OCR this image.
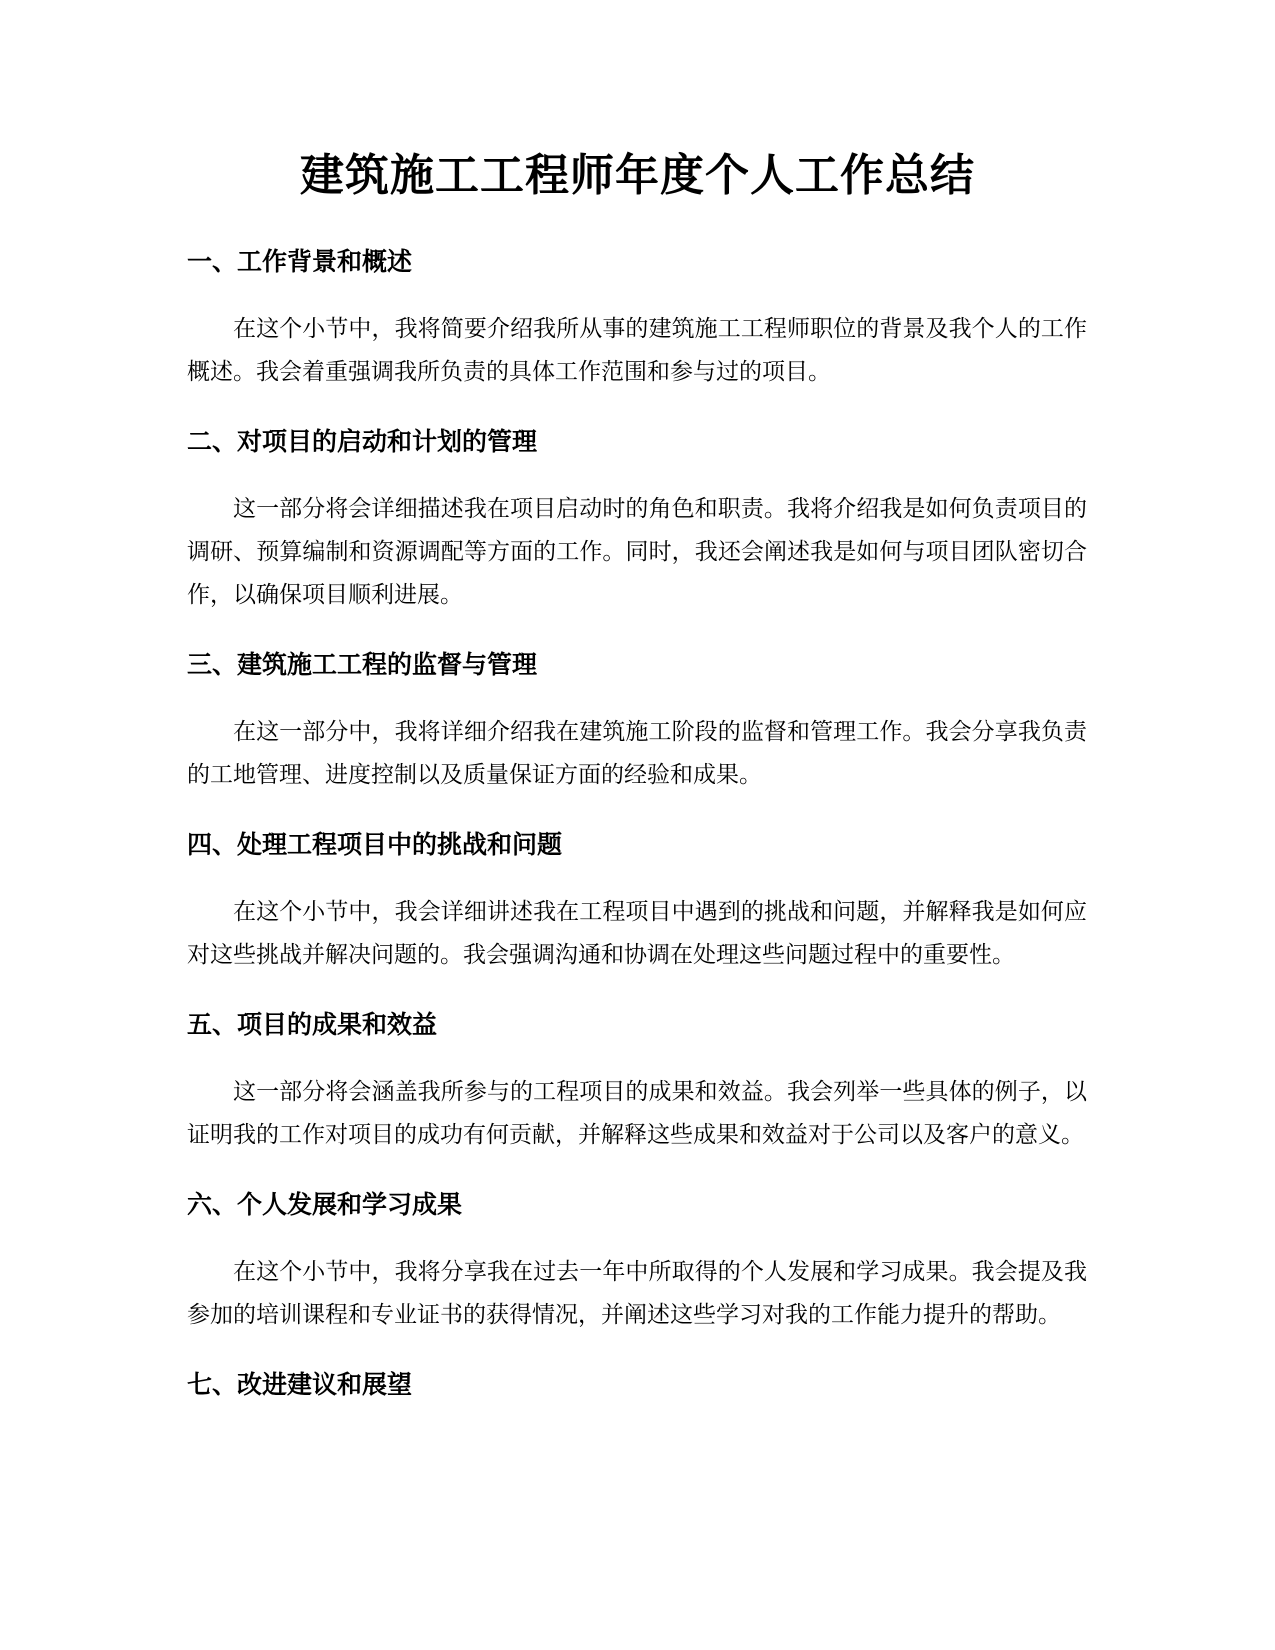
建筑施工工程师年度个人工作总结
一、工作背景和概述

在这个小节中，我将简要介绍我所从事的建筑施工工程师职位的背景及我个人的工作概述。我会着重强调我所负责的具体工作范围和参与过的项目。

二、对项目的启动和计划的管理

这一部分将会详细描述我在项目启动时的角色和职责。我将介绍我是如何负责项目的调研、预算编制和资源调配等方面的工作。同时，我还会阐述我是如何与项目团队密切合作，以确保项目顺利进展。

三、建筑施工工程的监督与管理

在这一部分中，我将详细介绍我在建筑施工阶段的监督和管理工作。我会分享我负责的工地管理、进度控制以及质量保证方面的经验和成果。

四、处理工程项目中的挑战和问题

在这个小节中，我会详细讲述我在工程项目中遇到的挑战和问题，并解释我是如何应对这些挑战并解决问题的。我会强调沟通和协调在处理这些问题过程中的重要性。

五、项目的成果和效益

这一部分将会涵盖我所参与的工程项目的成果和效益。我会列举一些具体的例子，以证明我的工作对项目的成功有何贡献，并解释这些成果和效益对于公司以及客户的意义。

六、个人发展和学习成果

在这个小节中，我将分享我在过去一年中所取得的个人发展和学习成果。我会提及我参加的培训课程和专业证书的获得情况，并阐述这些学习对我的工作能力提升的帮助。

七、改进建议和展望
